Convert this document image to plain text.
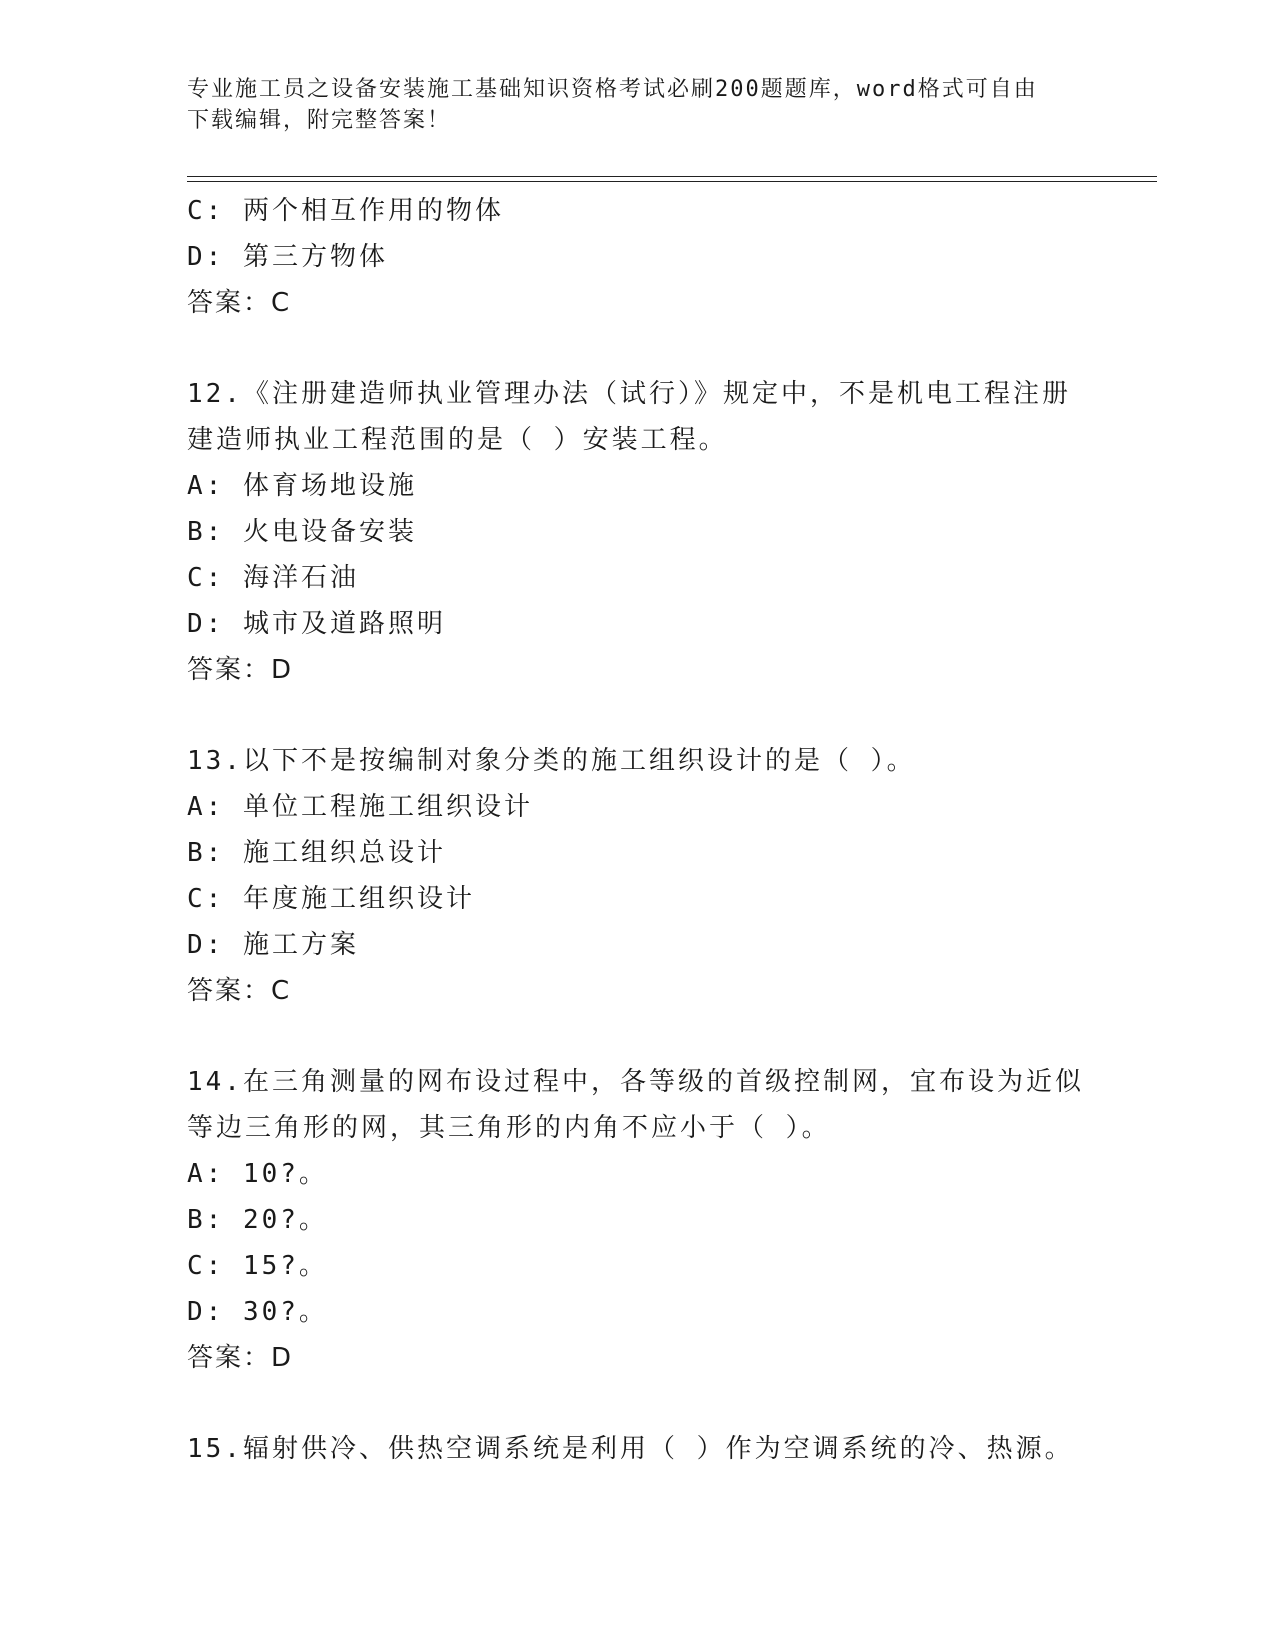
专业施工员之设备安装施工基础知识资格考试必刷200题题库，word格式可自由
下载编辑，附完整答案！
C: 两个相互作用的物体
D: 第三方物体
答案：C
12.《注册建造师执业管理办法（试行）》规定中，不是机电工程注册
建造师执业工程范围的是（ ）安装工程。
A: 体育场地设施
B: 火电设备安装
C: 海洋石油
D: 城市及道路照明
答案：D
13.以下不是按编制对象分类的施工组织设计的是（ ）。
A: 单位工程施工组织设计
B: 施工组织总设计
C: 年度施工组织设计
D: 施工方案
答案：C
14.在三角测量的网布设过程中，各等级的首级控制网，宜布设为近似
等边三角形的网，其三角形的内角不应小于（ ）。
A: 10?。
B: 20?。
C: 15?。
D: 30?。
答案：D
15.辐射供冷、供热空调系统是利用（ ）作为空调系统的冷、热源。
